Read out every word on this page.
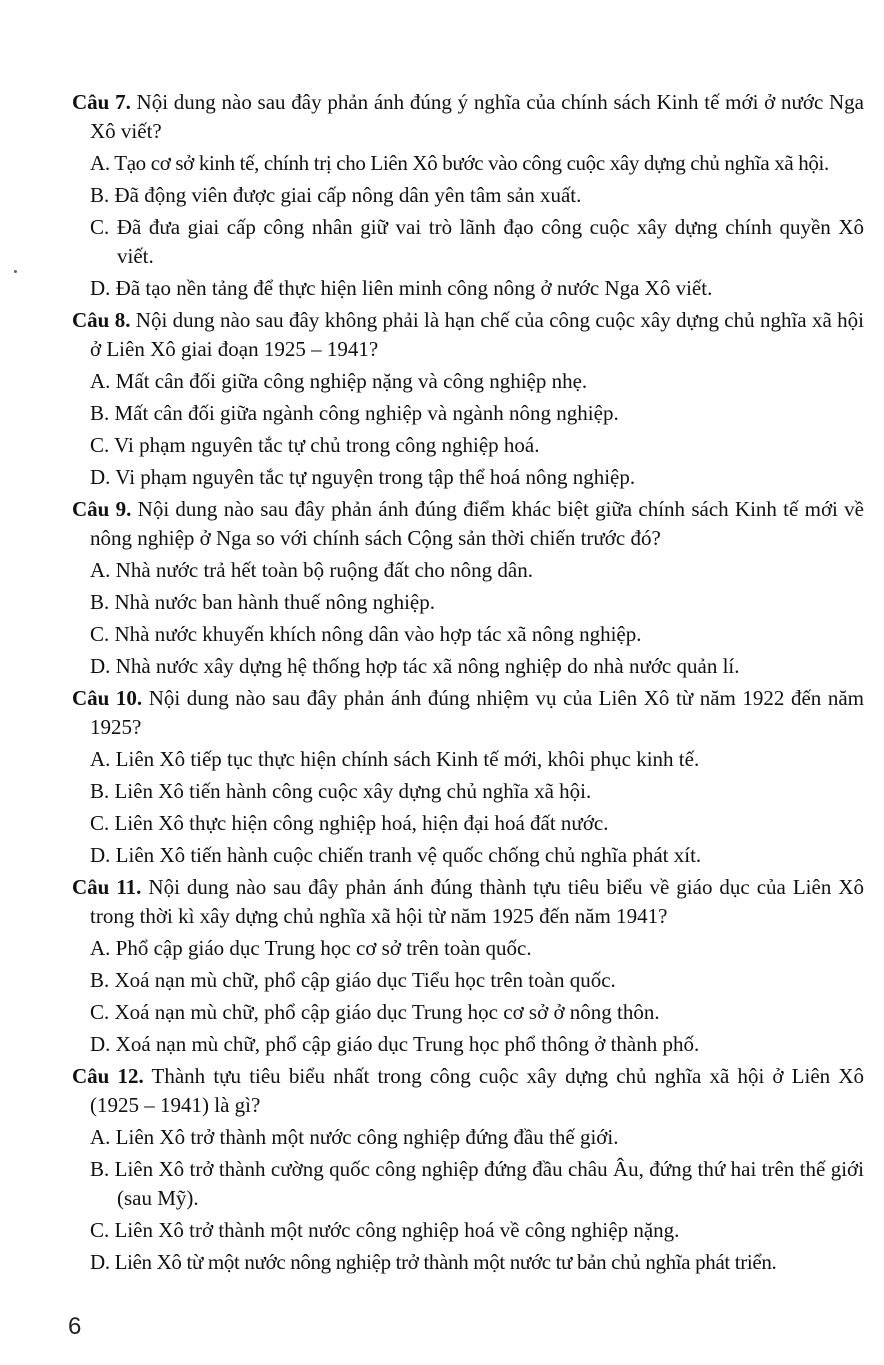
Câu 7. Nội dung nào sau đây phản ánh đúng ý nghĩa của chính sách Kinh tế mới ở nước Nga Xô viết?

A. Tạo cơ sở kinh tế, chính trị cho Liên Xô bước vào công cuộc xây dựng chủ nghĩa xã hội.

B. Đã động viên được giai cấp nông dân yên tâm sản xuất.

C. Đã đưa giai cấp công nhân giữ vai trò lãnh đạo công cuộc xây dựng chính quyền Xô viết.

D. Đã tạo nền tảng để thực hiện liên minh công nông ở nước Nga Xô viết.

Câu 8. Nội dung nào sau đây không phải là hạn chế của công cuộc xây dựng chủ nghĩa xã hội ở Liên Xô giai đoạn 1925 – 1941?

A. Mất cân đối giữa công nghiệp nặng và công nghiệp nhẹ.

B. Mất cân đối giữa ngành công nghiệp và ngành nông nghiệp.

C. Vi phạm nguyên tắc tự chủ trong công nghiệp hoá.

D. Vi phạm nguyên tắc tự nguyện trong tập thể hoá nông nghiệp.

Câu 9. Nội dung nào sau đây phản ánh đúng điểm khác biệt giữa chính sách Kinh tế mới về nông nghiệp ở Nga so với chính sách Cộng sản thời chiến trước đó?

A. Nhà nước trả hết toàn bộ ruộng đất cho nông dân.

B. Nhà nước ban hành thuế nông nghiệp.

C. Nhà nước khuyến khích nông dân vào hợp tác xã nông nghiệp.

D. Nhà nước xây dựng hệ thống hợp tác xã nông nghiệp do nhà nước quản lí.

Câu 10. Nội dung nào sau đây phản ánh đúng nhiệm vụ của Liên Xô từ năm 1922 đến năm 1925?

A. Liên Xô tiếp tục thực hiện chính sách Kinh tế mới, khôi phục kinh tế.

B. Liên Xô tiến hành công cuộc xây dựng chủ nghĩa xã hội.

C. Liên Xô thực hiện công nghiệp hoá, hiện đại hoá đất nước.

D. Liên Xô tiến hành cuộc chiến tranh vệ quốc chống chủ nghĩa phát xít.

Câu 11. Nội dung nào sau đây phản ánh đúng thành tựu tiêu biểu về giáo dục của Liên Xô trong thời kì xây dựng chủ nghĩa xã hội từ năm 1925 đến năm 1941?

A. Phổ cập giáo dục Trung học cơ sở trên toàn quốc.

B. Xoá nạn mù chữ, phổ cập giáo dục Tiểu học trên toàn quốc.

C. Xoá nạn mù chữ, phổ cập giáo dục Trung học cơ sở ở nông thôn.

D. Xoá nạn mù chữ, phổ cập giáo dục Trung học phổ thông ở thành phố.

Câu 12. Thành tựu tiêu biểu nhất trong công cuộc xây dựng chủ nghĩa xã hội ở Liên Xô (1925 – 1941) là gì?

A. Liên Xô trở thành một nước công nghiệp đứng đầu thế giới.

B. Liên Xô trở thành cường quốc công nghiệp đứng đầu châu Âu, đứng thứ hai trên thế giới (sau Mỹ).

C. Liên Xô trở thành một nước công nghiệp hoá về công nghiệp nặng.

D. Liên Xô từ một nước nông nghiệp trở thành một nước tư bản chủ nghĩa phát triển.

6
